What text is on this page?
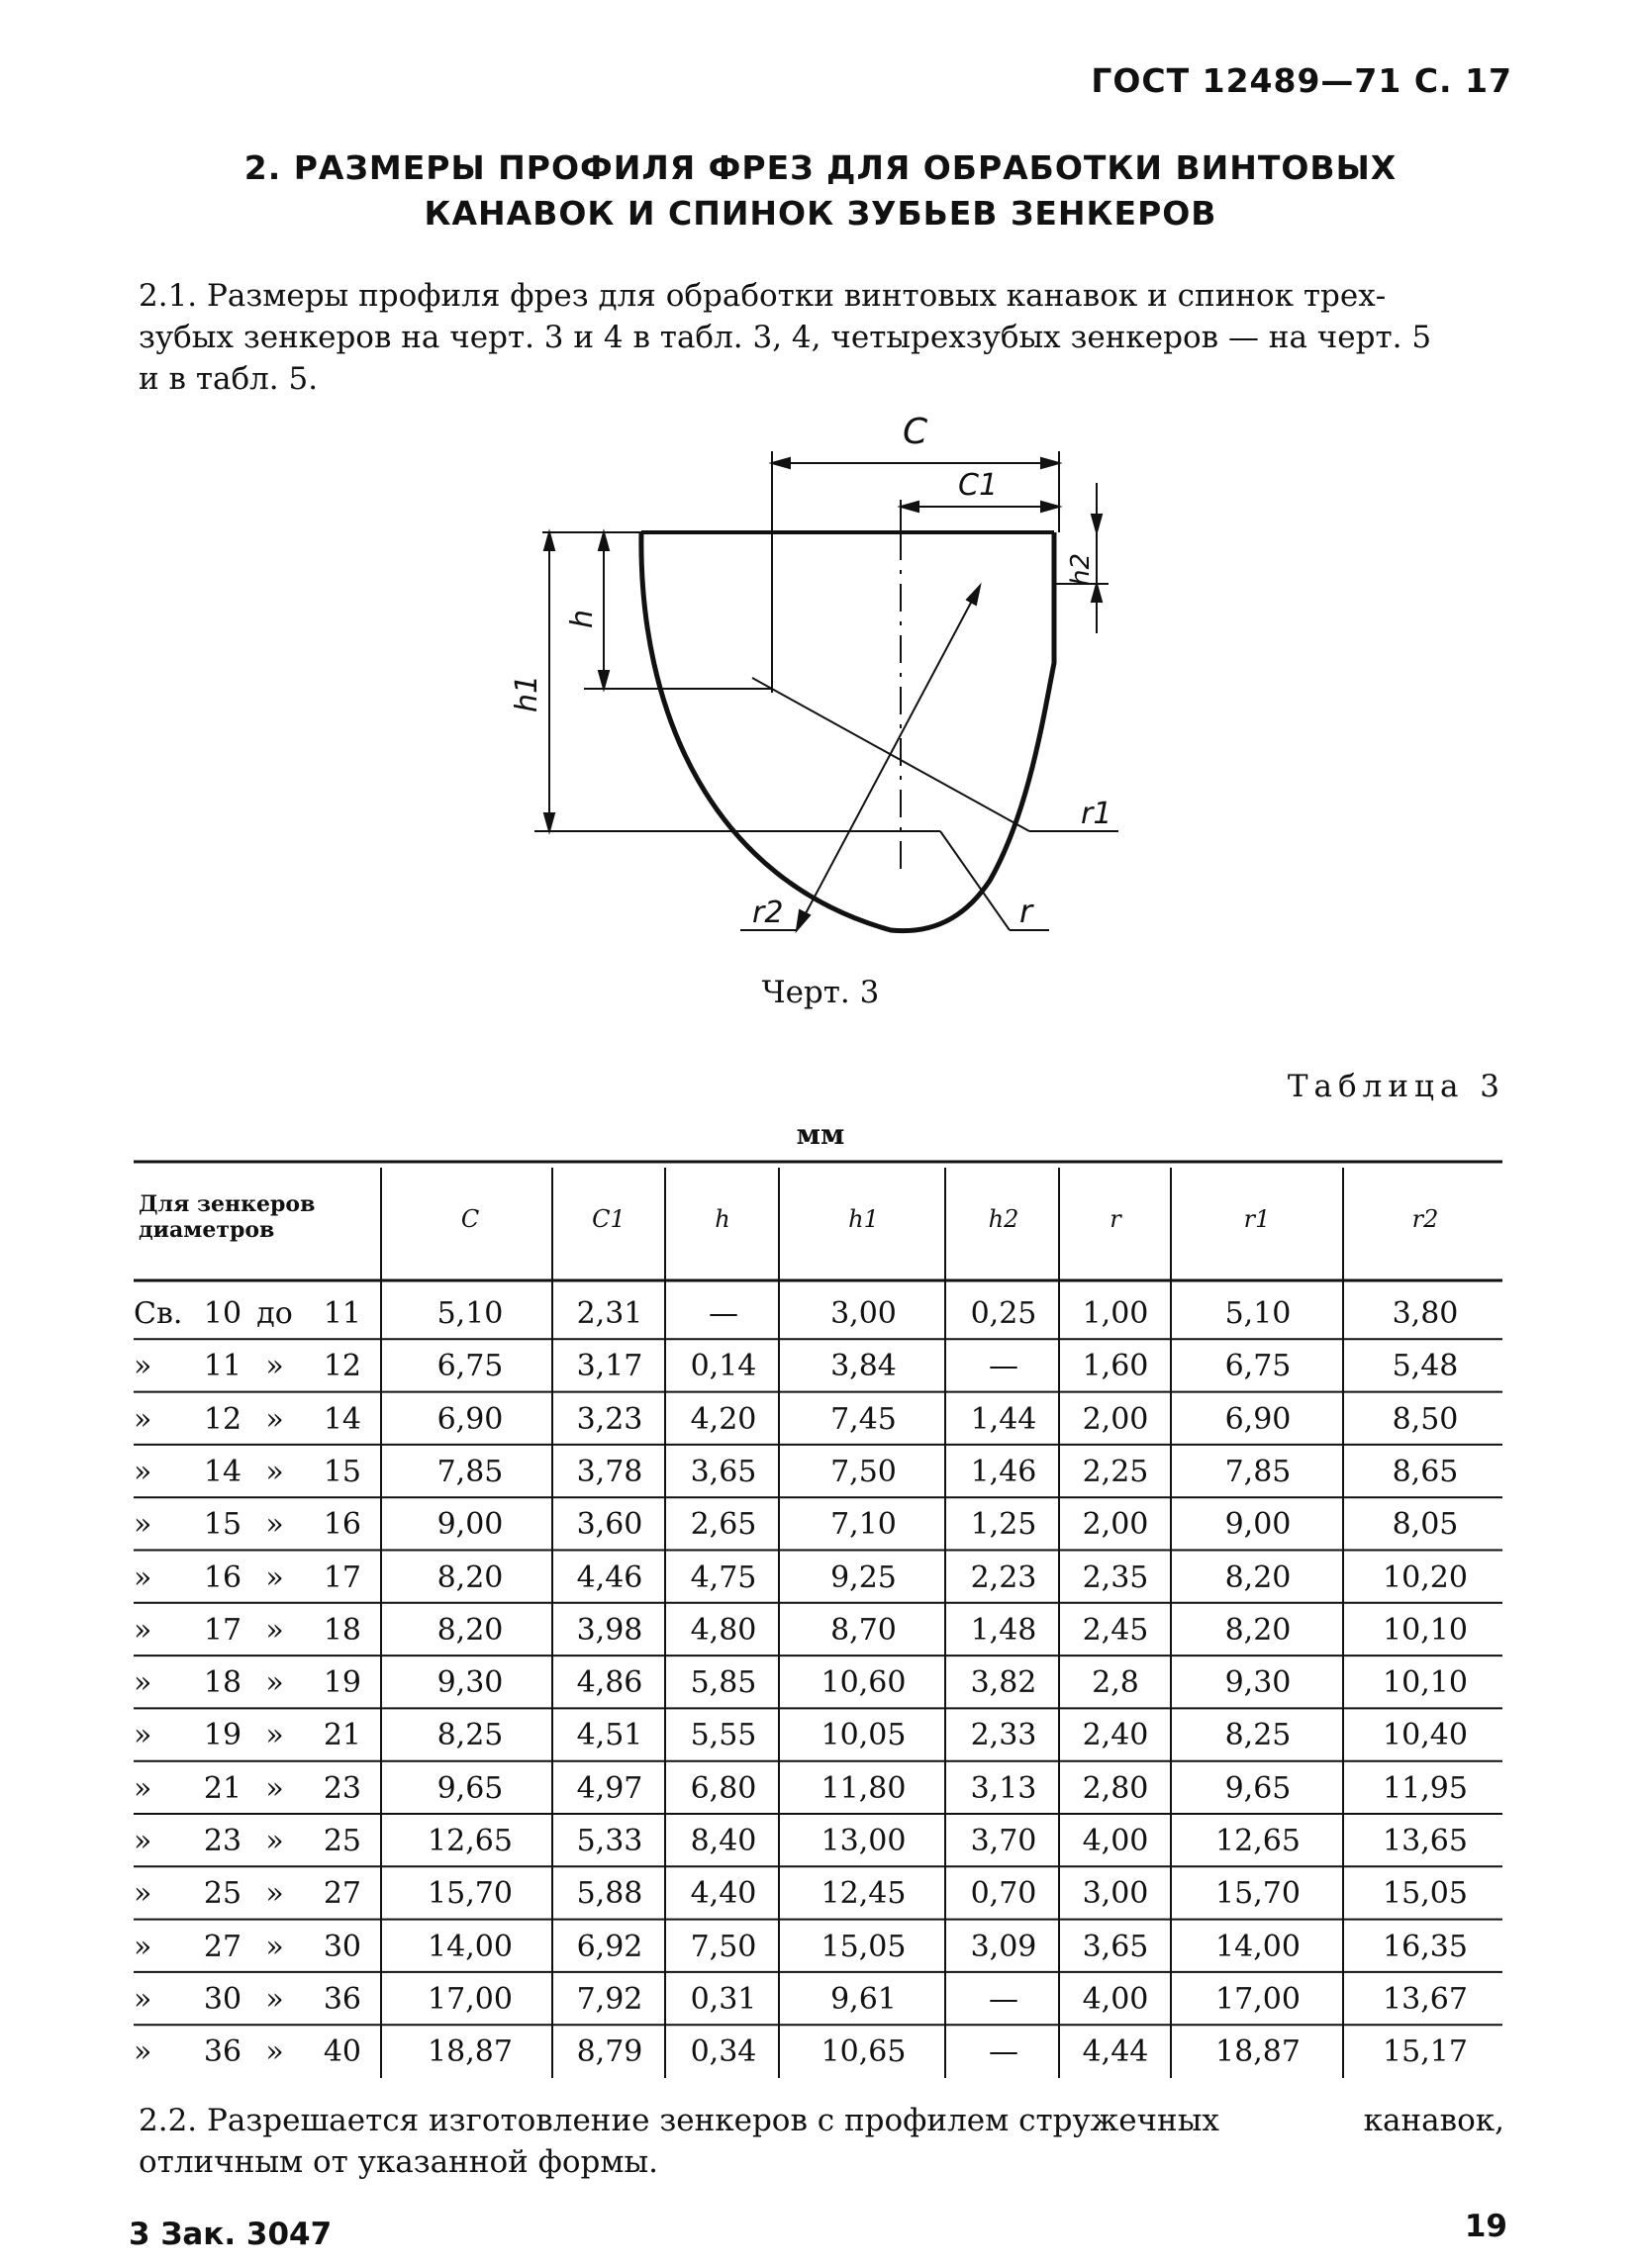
ГОСТ 12489—71 С. 17
2. РАЗМЕРЫ ПРОФИЛЯ ФРЕЗ ДЛЯ ОБРАБОТКИ ВИНТОВЫХ
КАНАВОК И СПИНОК ЗУБЬЕВ ЗЕНКЕРОВ
2.1. Размеры профиля фрез для обработки винтовых канавок и спинок трех-
зубых зенкеров на черт. 3 и 4 в табл. 3, 4, четырехзубых зенкеров — на черт. 5
и в табл. 5.
C
C1
h
h1
h2
r1
r2	r
Черт. 3
Таблица 3
мм
Для зенкеров
диаметров	C	C1	h	h1	h2	r	r1	r2
Св. 10 до	11	5,10	2,31	—	3,00	0,25	1,00	5,10	3,80
»	11 »	12	6,75	3,17	0,14	3,84	—	1,60	6,75	5,48
»	12 »	14	6,90	3,23	4,20	7,45	1,44	2,00	6,90	8,50
»	14 »	15	7,85	3,78	3,65	7,50	1,46	2,25	7,85	8,65
»	15 »	16	9,00	3,60	2,65	7,10	1,25	2,00	9,00	8,05
»	16 »	17	8,20	4,46	4,75	9,25	2,23	2,35	8,20	10,20
»	17 »	18	8,20	3,98	4,80	8,70	1,48	2,45	8,20	10,10
»	18 »	19	9,30	4,86	5,85	10,60	3,82	2,8	9,30	10,10
»	19 »	21	8,25	4,51	5,55	10,05	2,33	2,40	8,25	10,40
»	21 »	23	9,65	4,97	6,80	11,80	3,13	2,80	9,65	11,95
»	23 »	25	12,65	5,33	8,40	13,00	3,70	4,00	12,65	13,65
»	25 »	27	15,70	5,88	4,40	12,45	0,70	3,00	15,70	15,05
»	27 »	30	14,00	6,92	7,50	15,05	3,09	3,65	14,00	16,35
»	30 »	36	17,00	7,92	0,31	9,61	—	4,00	17,00	13,67
»	36 »	40	18,87	8,79	0,34	10,65	—	4,44	18,87	15,17
2.2. Разрешается изготовление зенкеров с профилем стружечных	канавок,
отличным от указанной формы.
3 Зак. 3047	19
